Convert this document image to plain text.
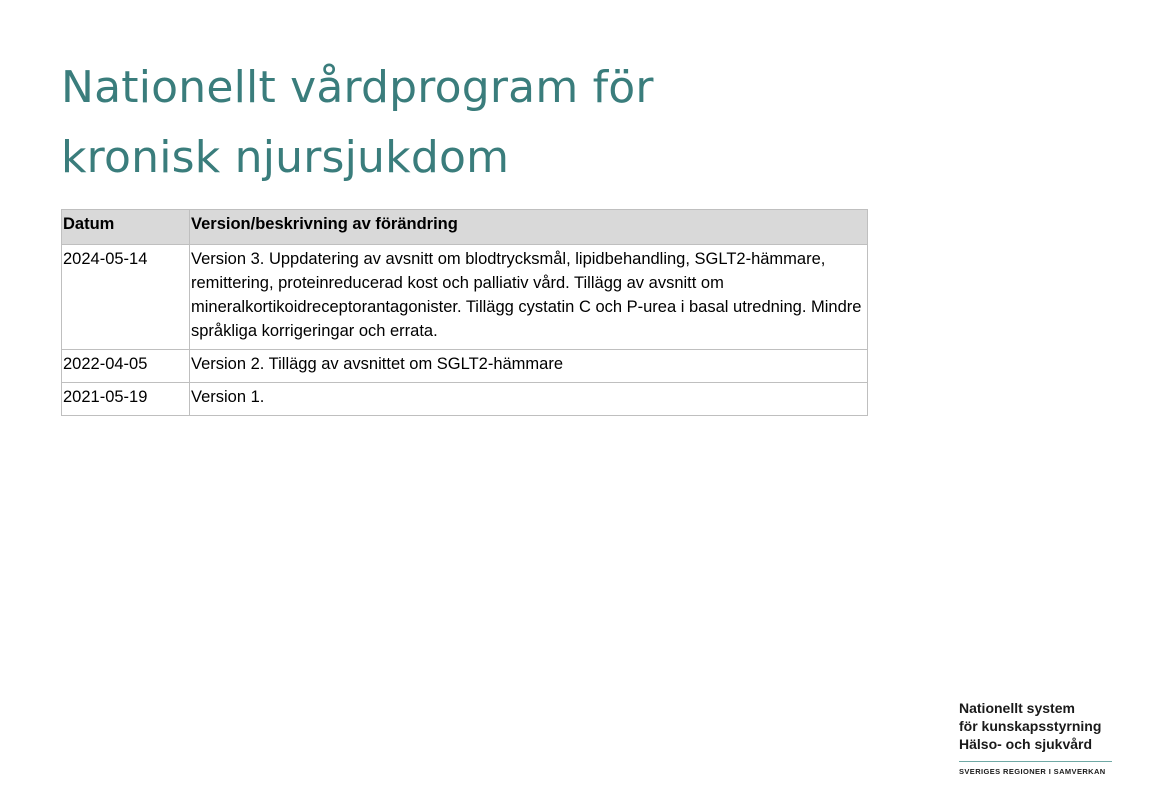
Nationellt vårdprogram för
kronisk njursjukdom
Datum	Version/beskrivning av förändring
2024-05-14	Version 3. Uppdatering av avsnitt om blodtrycksmål, lipidbehandling, SGLT2-hämmare, remittering, proteinreducerad kost och palliativ vård. Tillägg av avsnitt om mineralkortikoidreceptorantagonister. Tillägg cystatin C och P-urea i basal utredning. Mindre språkliga korrigeringar och errata.
2022-04-05	Version 2. Tillägg av avsnittet om SGLT2-hämmare
2021-05-19	Version 1.
Nationellt system
för kunskapsstyrning
Hälso- och sjukvård
SVERIGES REGIONER I SAMVERKAN
